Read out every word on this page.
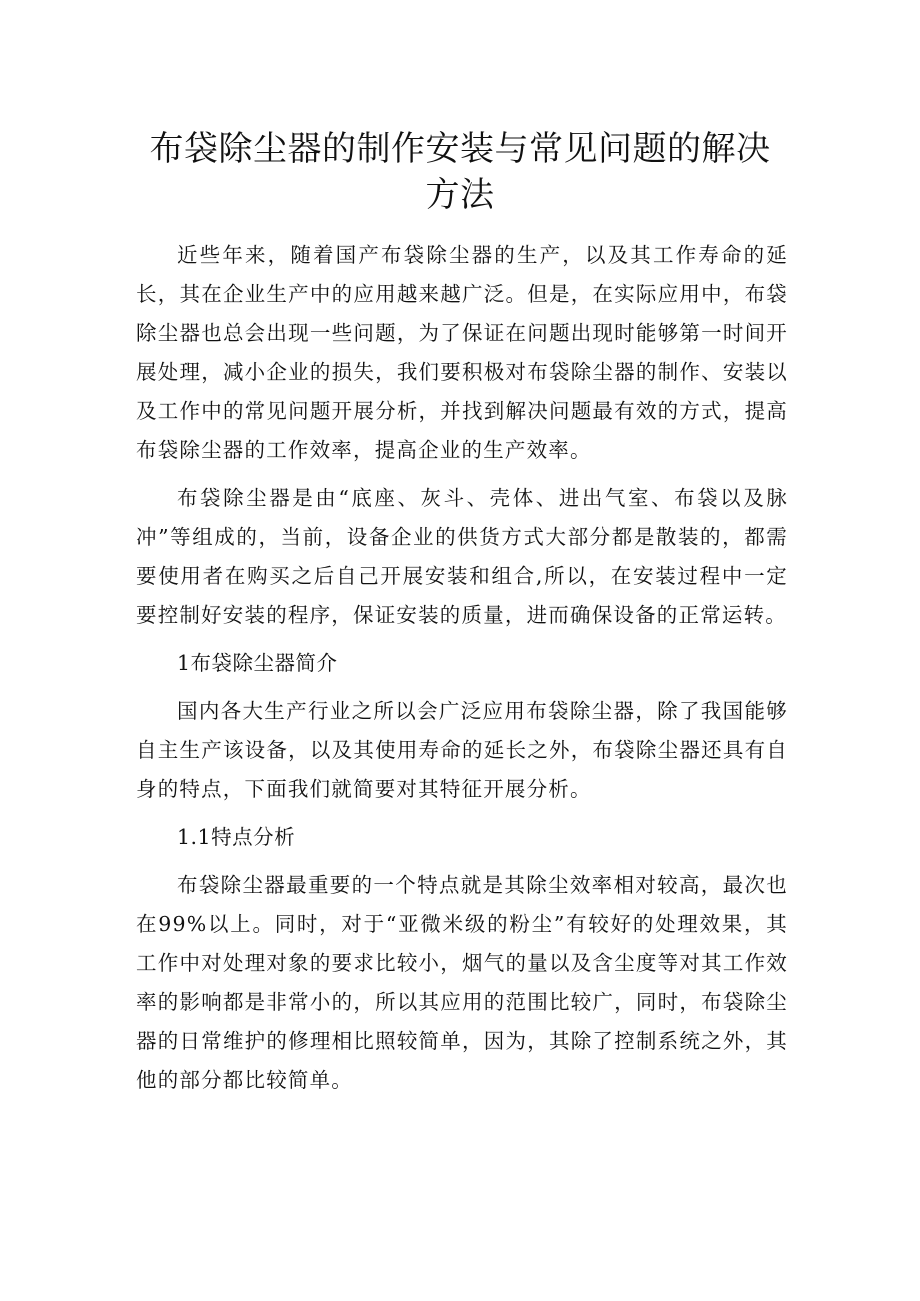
布袋除尘器的制作安装与常见问题的解决
方法

近些年来，随着国产布袋除尘器的生产，以及其工作寿命的延长，其在企业生产中的应用越来越广泛。但是，在实际应用中，布袋除尘器也总会出现一些问题，为了保证在问题出现时能够第一时间开展处理，减小企业的损失，我们要积极对布袋除尘器的制作、安装以及工作中的常见问题开展分析，并找到解决问题最有效的方式，提高布袋除尘器的工作效率，提高企业的生产效率。

布袋除尘器是由“底座、灰斗、壳体、进出气室、布袋以及脉冲”等组成的，当前，设备企业的供货方式大部分都是散装的，都需要使用者在购买之后自己开展安装和组合,所以，在安装过程中一定要控制好安装的程序，保证安装的质量，进而确保设备的正常运转。

1布袋除尘器简介

国内各大生产行业之所以会广泛应用布袋除尘器，除了我国能够自主生产该设备，以及其使用寿命的延长之外，布袋除尘器还具有自身的特点，下面我们就简要对其特征开展分析。

1.1特点分析

布袋除尘器最重要的一个特点就是其除尘效率相对较高，最次也在99%以上。同时，对于“亚微米级的粉尘”有较好的处理效果，其工作中对处理对象的要求比较小，烟气的量以及含尘度等对其工作效率的影响都是非常小的，所以其应用的范围比较广，同时，布袋除尘器的日常维护的修理相比照较简单，因为，其除了控制系统之外，其他的部分都比较简单。
